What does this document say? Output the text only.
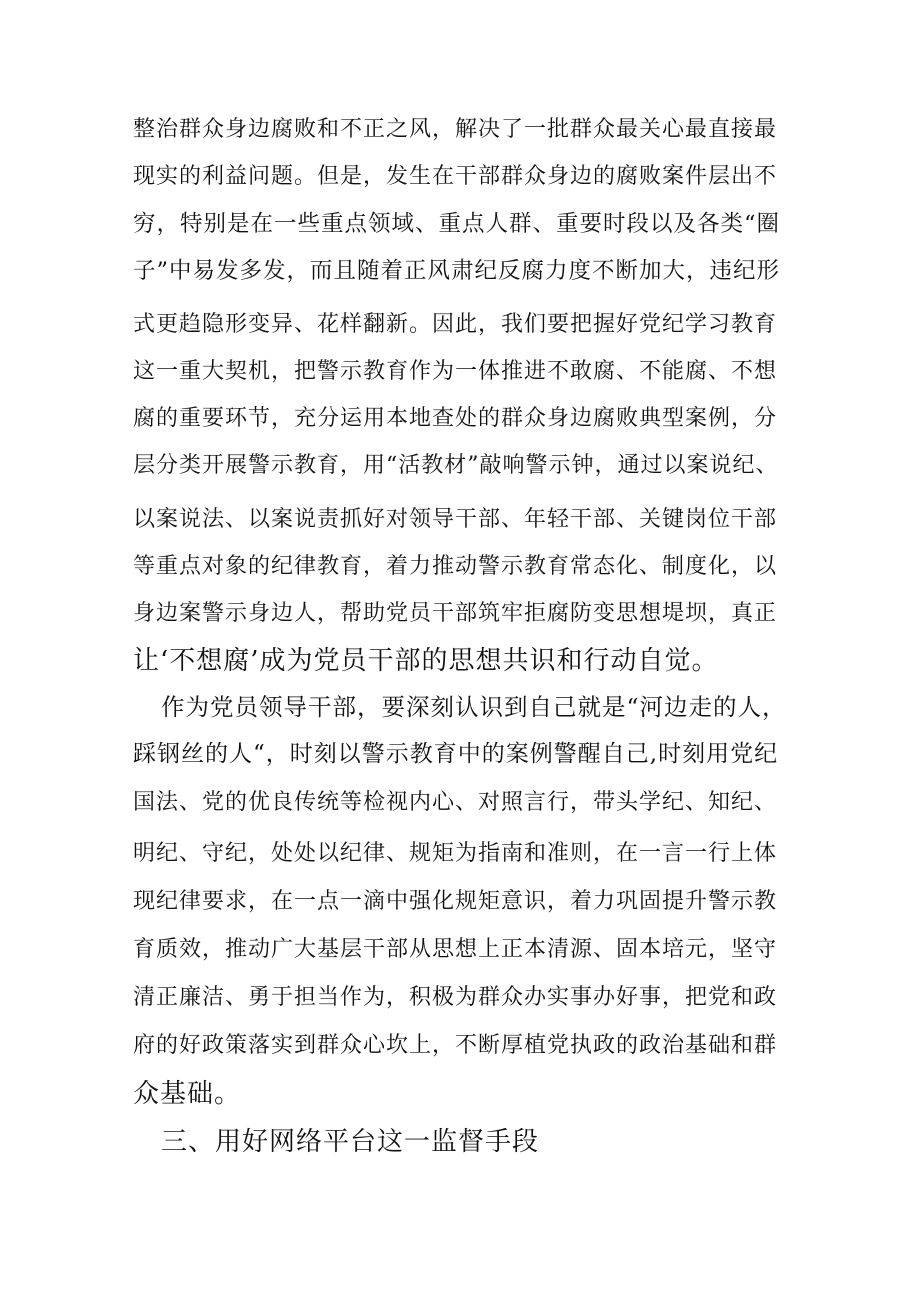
整治群众身边腐败和不正之风，解决了一批群众最关心最直接最
现实的利益问题。但是，发生在干部群众身边的腐败案件层出不
穷，特别是在一些重点领域、重点人群、重要时段以及各类“圈
子”中易发多发，而且随着正风肃纪反腐力度不断加大，违纪形
式更趋隐形变异、花样翻新。因此，我们要把握好党纪学习教育
这一重大契机，把警示教育作为一体推进不敢腐、不能腐、不想
腐的重要环节，充分运用本地查处的群众身边腐败典型案例，分
层分类开展警示教育，用“活教材”敲响警示钟，通过以案说纪、
以案说法、以案说责抓好对领导干部、年轻干部、关键岗位干部
等重点对象的纪律教育，着力推动警示教育常态化、制度化，以
身边案警示身边人，帮助党员干部筑牢拒腐防变思想堤坝，真正
让‘不想腐’成为党员干部的思想共识和行动自觉。
作为党员领导干部，要深刻认识到自己就是“河边走的人，
踩钢丝的人“，时刻以警示教育中的案例警醒自己,时刻用党纪
国法、党的优良传统等检视内心、对照言行，带头学纪、知纪、
明纪、守纪，处处以纪律、规矩为指南和准则，在一言一行上体
现纪律要求，在一点一滴中强化规矩意识，着力巩固提升警示教
育质效，推动广大基层干部从思想上正本清源、固本培元，坚守
清正廉洁、勇于担当作为，积极为群众办实事办好事，把党和政
府的好政策落实到群众心坎上，不断厚植党执政的政治基础和群
众基础。
三、用好网络平台这一监督手段
